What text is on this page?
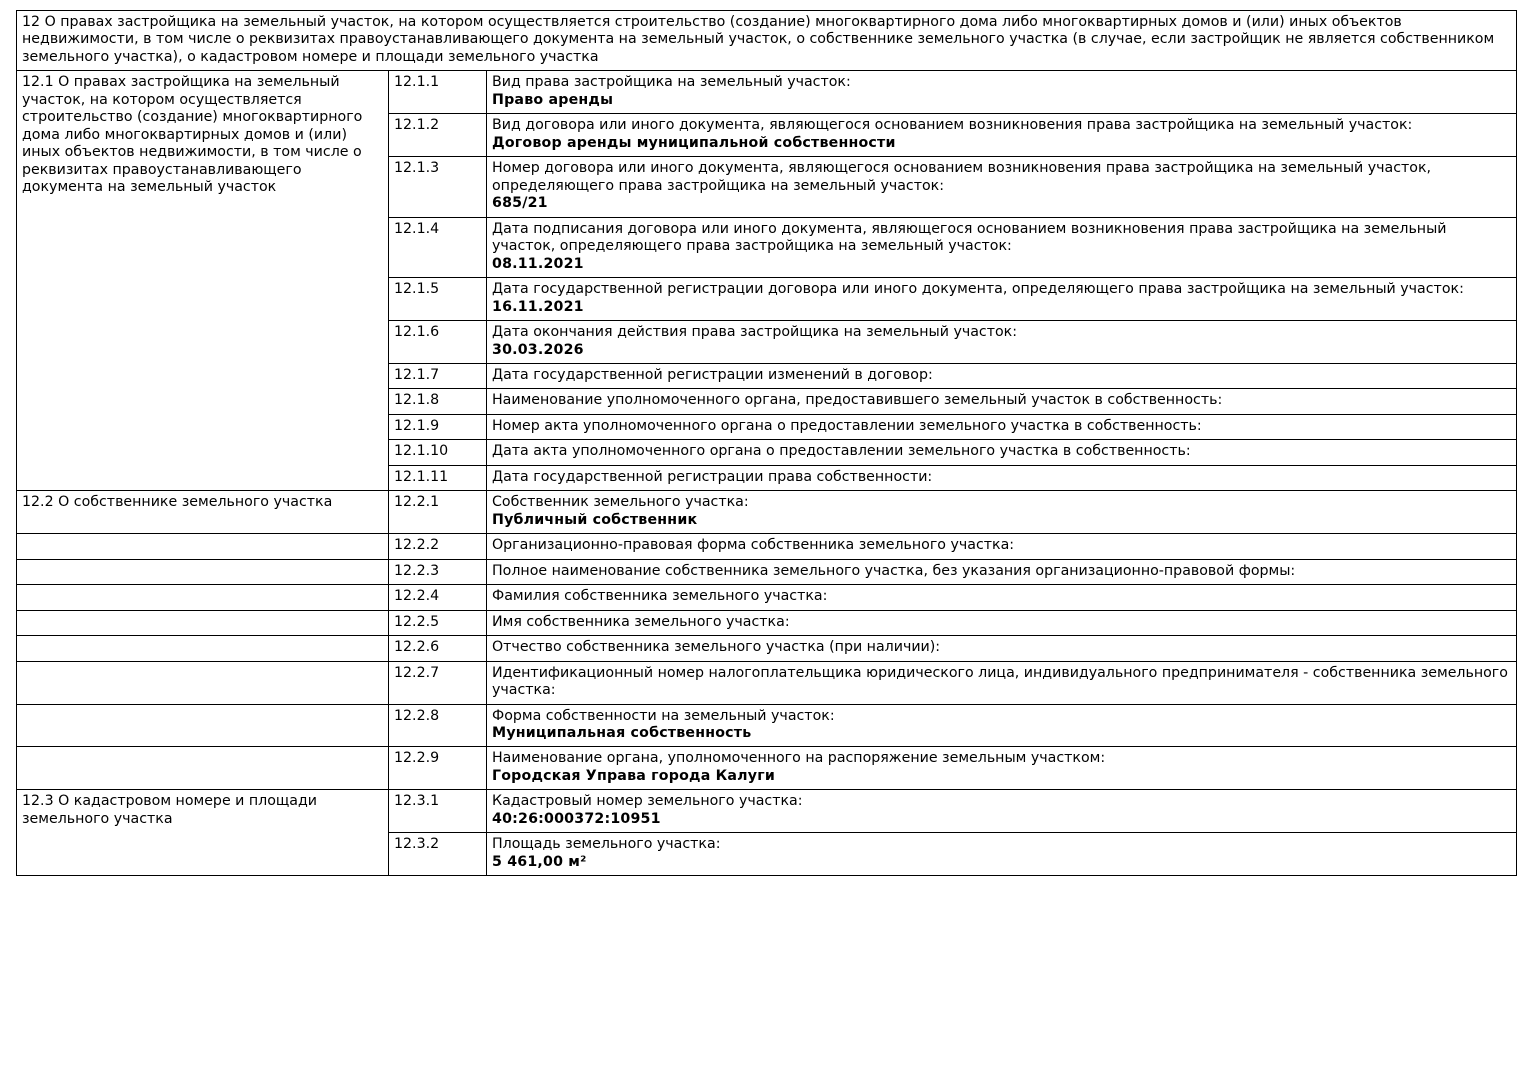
12 О правах застройщика на земельный участок, на котором осуществляется строительство (создание) многоквартирного дома либо многоквартирных домов и (или) иных объектов недвижимости, в том числе о реквизитах правоустанавливающего документа на земельный участок, о собственнике земельного участка (в случае, если застройщик не является собственником земельного участка), о кадастровом номере и площади земельного участка		
12.1 О правах застройщика на земельный участок, на котором осуществляется строительство (создание) многоквартирного дома либо многоквартирных домов и (или) иных объектов недвижимости, в том числе о реквизитах правоустанавливающего документа на земельный участок	12.1.1	Вид права застройщика на земельный участок:
Право аренды

	12.1.2	Вид договора или иного документа, являющегося основанием возникновения права застройщика на земельный участок:
Договор аренды муниципальной собственности

	12.1.3	Номер договора или иного документа, являющегося основанием возникновения права застройщика на земельный участок, определяющего права застройщика на земельный участок:
685/21

	12.1.4	Дата подписания договора или иного документа, являющегося основанием возникновения права застройщика на земельный участок, определяющего права застройщика на земельный участок:
08.11.2021

	12.1.5	Дата государственной регистрации договора или иного документа, определяющего права застройщика на земельный участок:
16.11.2021

	12.1.6	Дата окончания действия права застройщика на земельный участок:
30.03.2026

	12.1.7	Дата государственной регистрации изменений в договор:

	12.1.8	Наименование уполномоченного органа, предоставившего земельный участок в собственность:

	12.1.9	Номер акта уполномоченного органа о предоставлении земельного участка в собственность:

	12.1.10	Дата акта уполномоченного органа о предоставлении земельного участка в собственность:

	12.1.11	Дата государственной регистрации права собственности:

12.2 О собственнике земельного участка	12.2.1	Собственник земельного участка:
Публичный собственник

	12.2.2	Организационно-правовая форма собственника земельного участка:

	12.2.3	Полное наименование собственника земельного участка, без указания организационно-правовой формы:

	12.2.4	Фамилия собственника земельного участка:

	12.2.5	Имя собственника земельного участка:

	12.2.6	Отчество собственника земельного участка (при наличии):

	12.2.7	Идентификационный номер налогоплательщика юридического лица, индивидуального предпринимателя - собственника земельного участка:

	12.2.8	Форма собственности на земельный участок:
Муниципальная собственность

	12.2.9	Наименование органа, уполномоченного на распоряжение земельным участком:
Городская Управа города Калуги

12.3 О кадастровом номере и площади земельного участка	12.3.1	Кадастровый номер земельного участка:
40:26:000372:10951

	12.3.2	Площадь земельного участка:
5 461,00 м²
